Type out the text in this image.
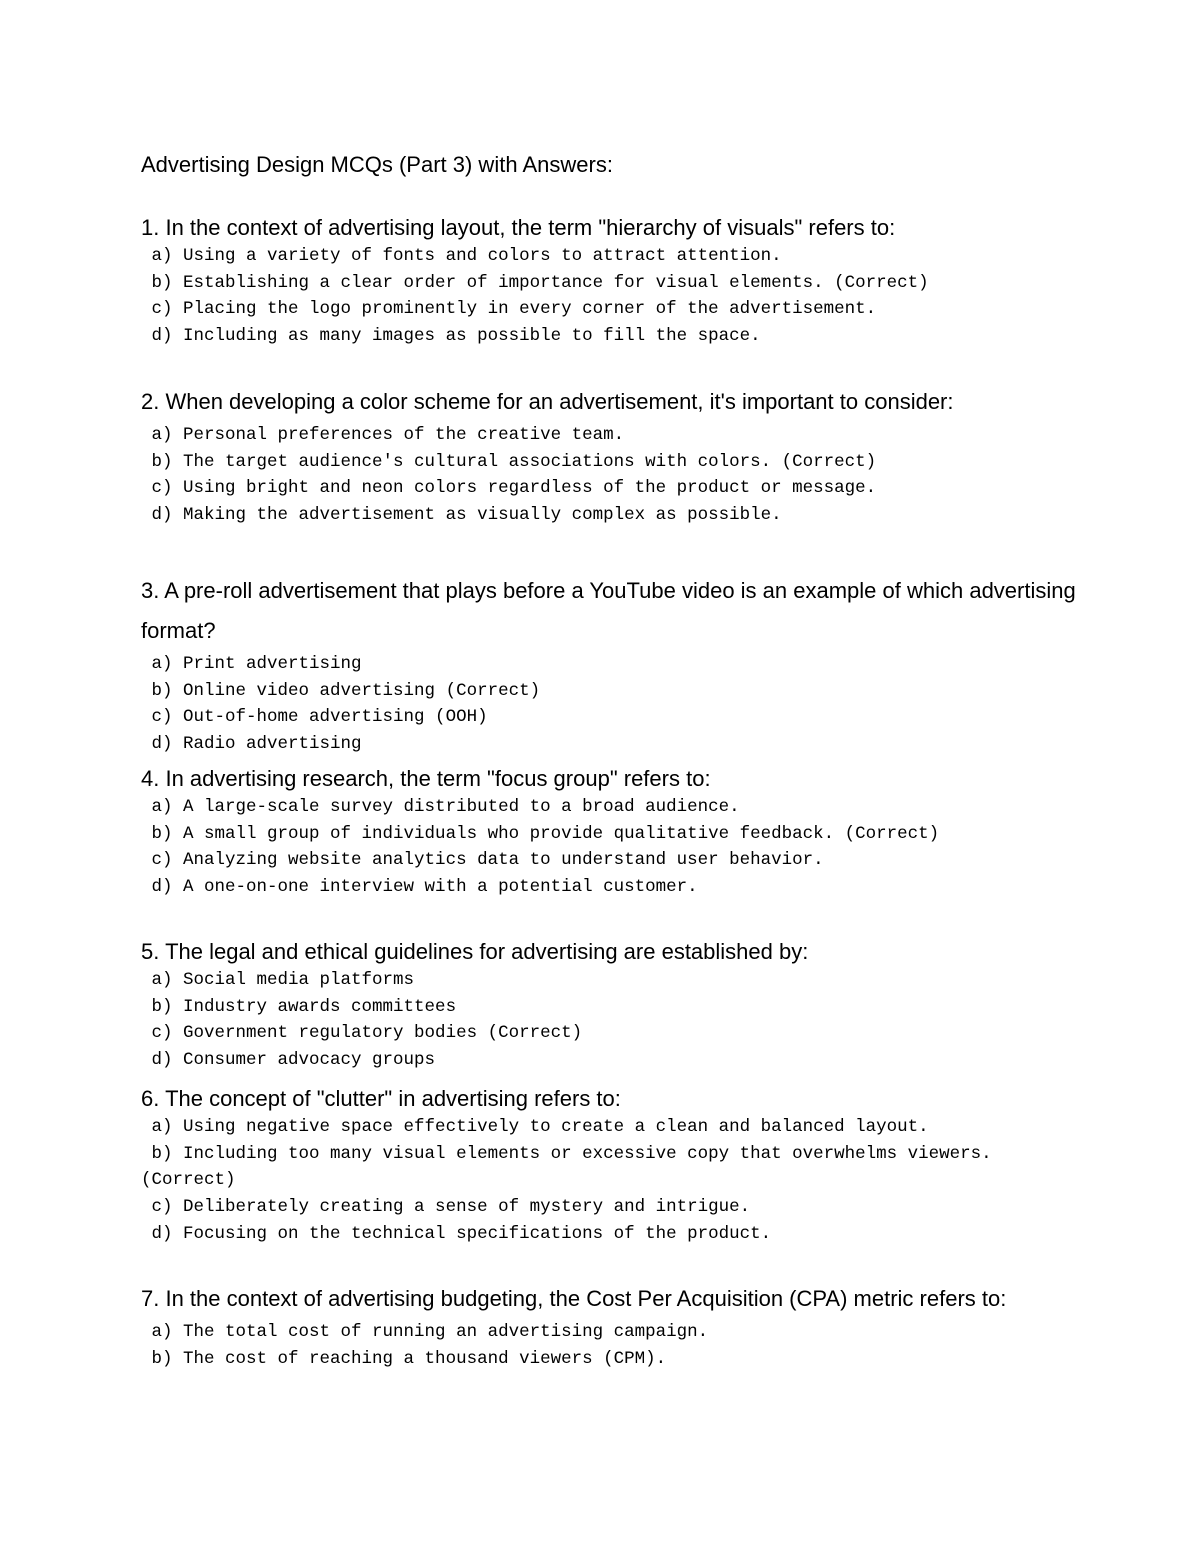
Advertising Design MCQs (Part 3) with Answers:

1. In the context of advertising layout, the term "hierarchy of visuals" refers to:

a) Using a variety of fonts and colors to attract attention.

b) Establishing a clear order of importance for visual elements. (Correct)

c) Placing the logo prominently in every corner of the advertisement.

d) Including as many images as possible to fill the space.

2. When developing a color scheme for an advertisement, it's important to consider:

a) Personal preferences of the creative team.

b) The target audience's cultural associations with colors. (Correct)

c) Using bright and neon colors regardless of the product or message.

d) Making the advertisement as visually complex as possible.

3. A pre-roll advertisement that plays before a YouTube video is an example of which advertising format?

a) Print advertising

b) Online video advertising (Correct)

c) Out-of-home advertising (OOH)

d) Radio advertising

4. In advertising research, the term "focus group" refers to:

a) A large-scale survey distributed to a broad audience.

b) A small group of individuals who provide qualitative feedback. (Correct)

c) Analyzing website analytics data to understand user behavior.

d) A one-on-one interview with a potential customer.

5. The legal and ethical guidelines for advertising are established by:

a) Social media platforms

b) Industry awards committees

c) Government regulatory bodies (Correct)

d) Consumer advocacy groups

6. The concept of "clutter" in advertising refers to:

a) Using negative space effectively to create a clean and balanced layout.

b) Including too many visual elements or excessive copy that overwhelms viewers. (Correct)

c) Deliberately creating a sense of mystery and intrigue.

d) Focusing on the technical specifications of the product.

7. In the context of advertising budgeting, the Cost Per Acquisition (CPA) metric refers to:

a) The total cost of running an advertising campaign.

b) The cost of reaching a thousand viewers (CPM).
